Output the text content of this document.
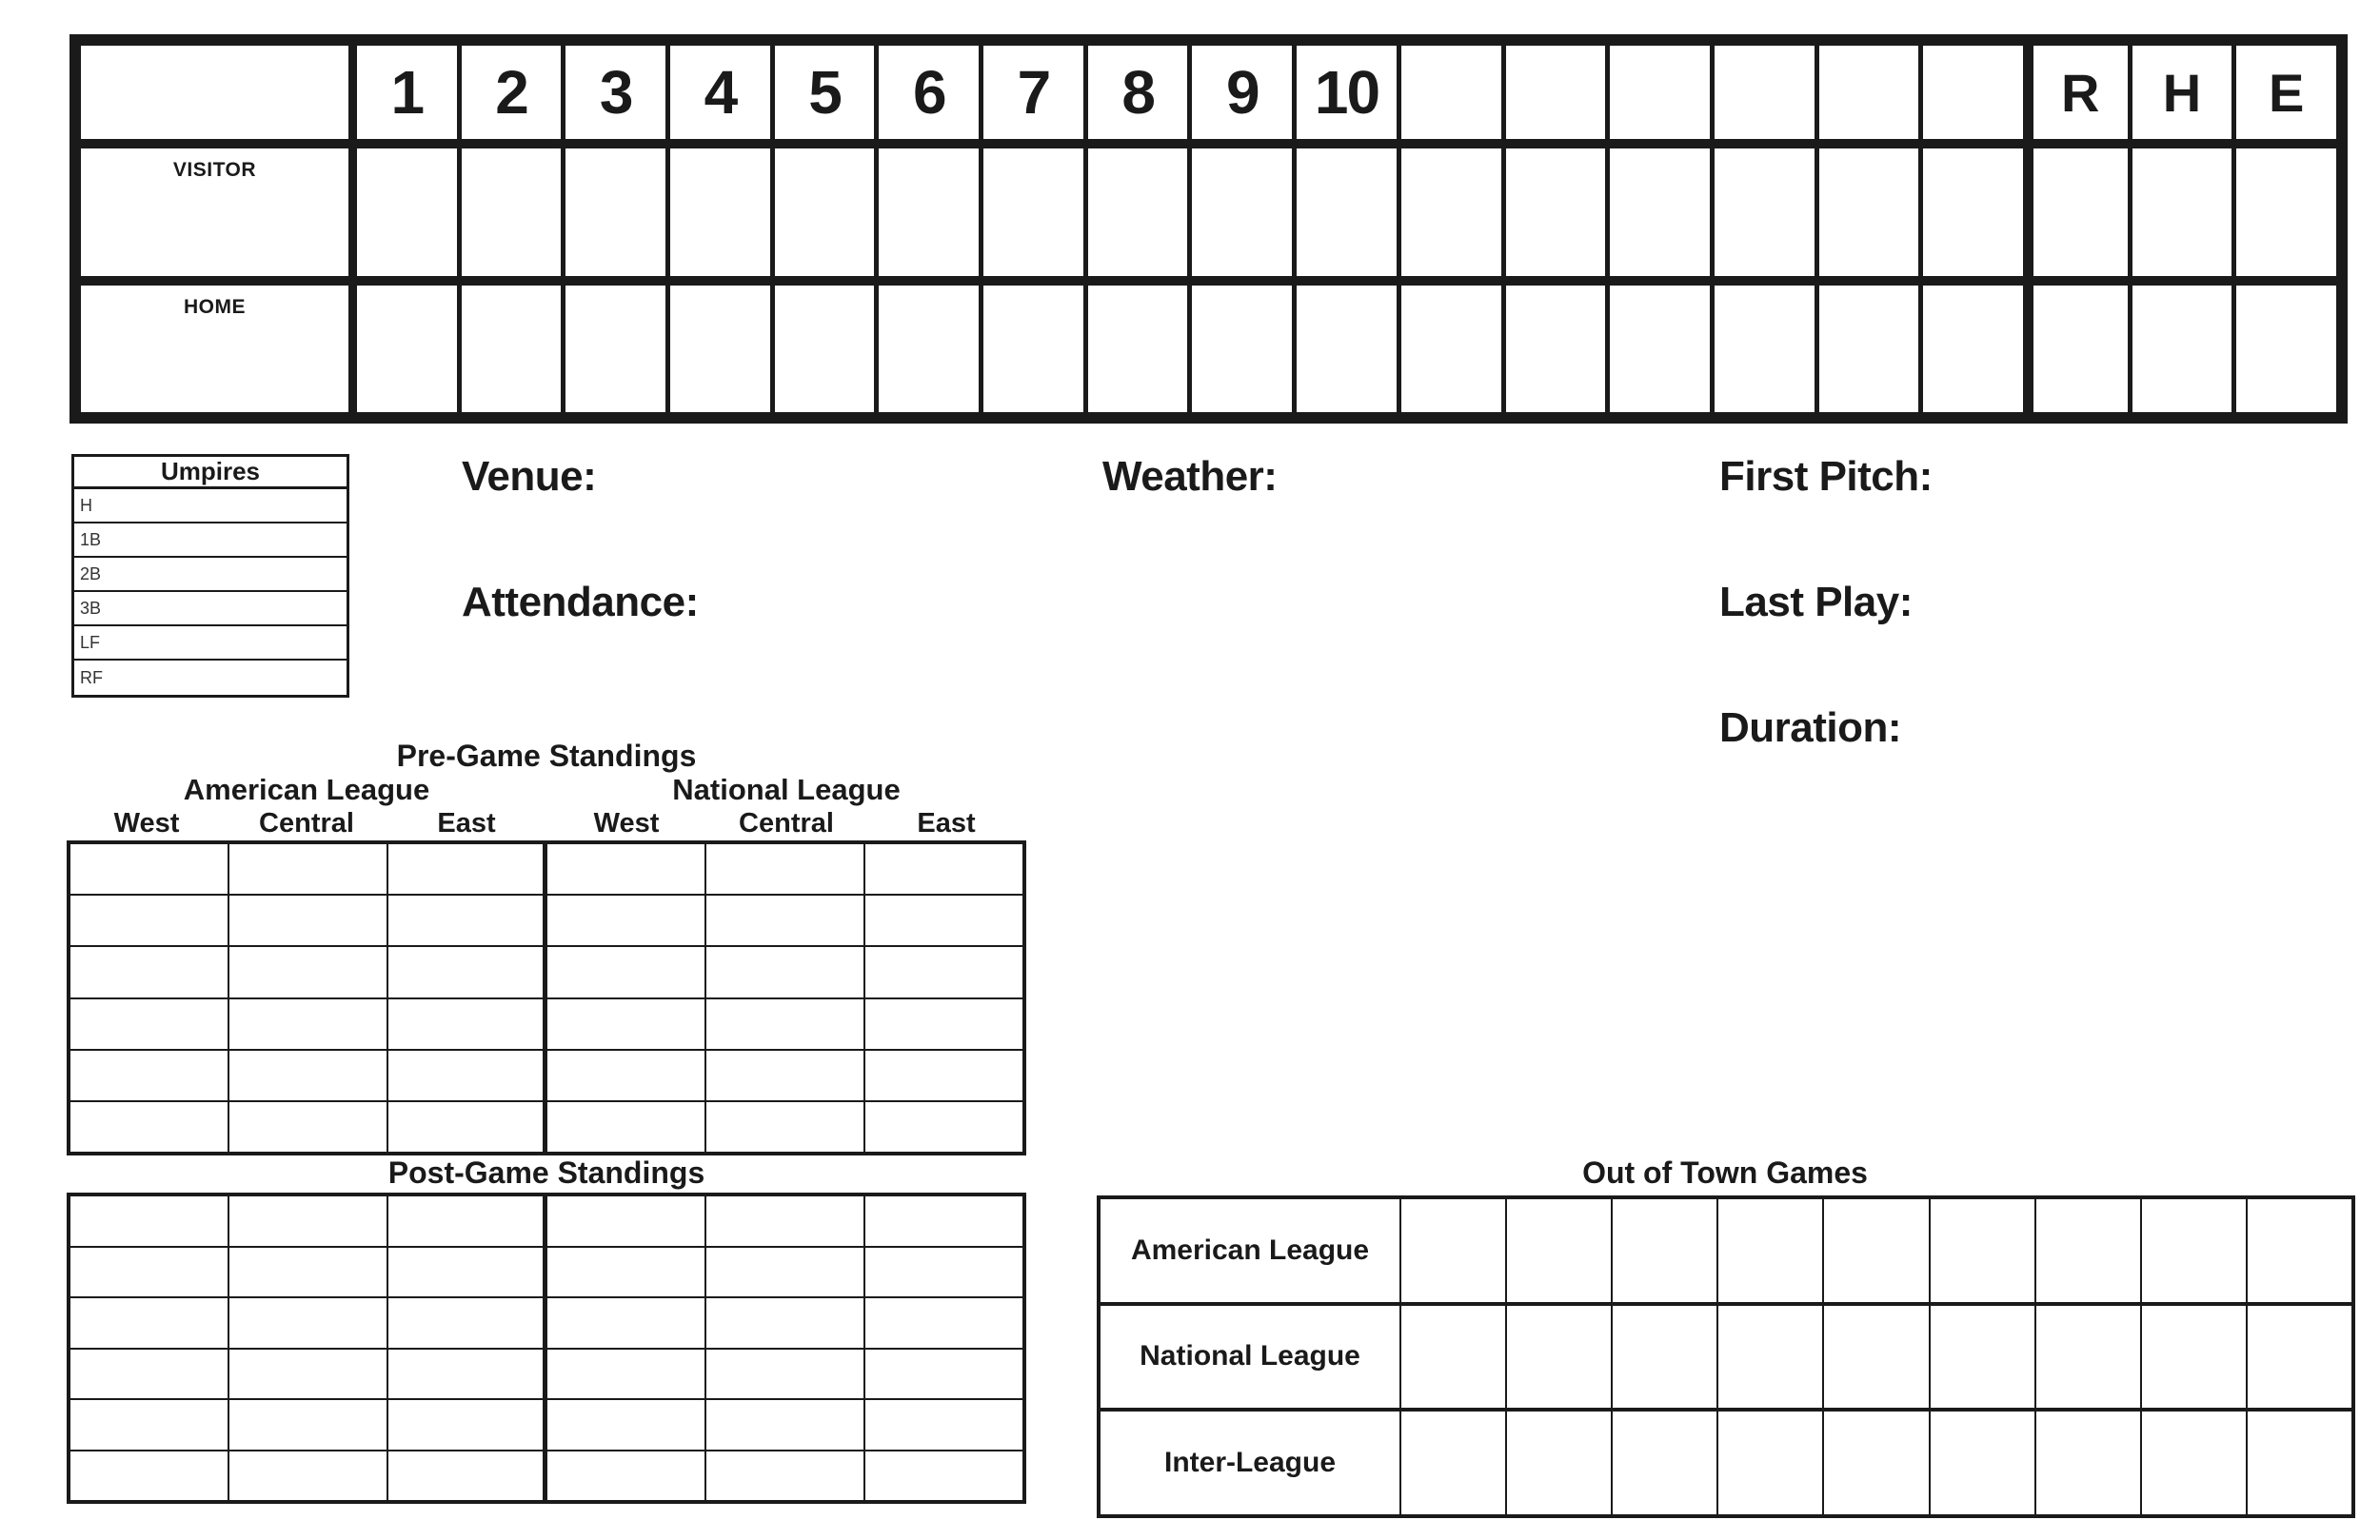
1	2	3	4	5	6	7	8	9 10	R	H	E
VISITOR
HOME
Umpires
H
1B
2B
3B
LF
RF
Venue:	Weather:	First Pitch:
Attendance:	Last Play:
Duration:
Pre-Game Standings
American League	National League
West	Central	East	West	Central	East
Post-Game Standings	Out of Town Games
American League
National League
Inter-League
